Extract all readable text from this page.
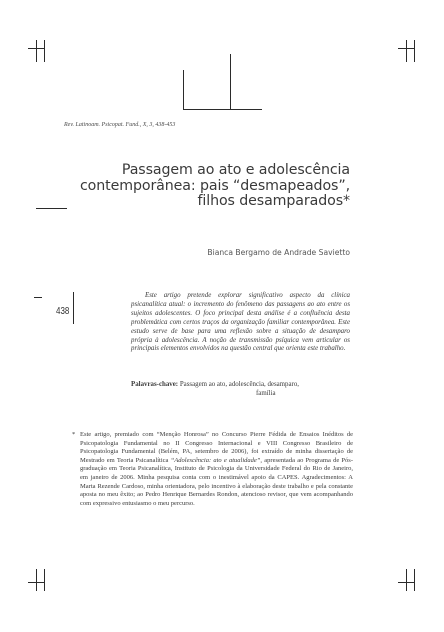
Rev. Latinoam. Psicopat. Fund., X, 3, 438-453
Passagem ao ato e adolescência
contemporânea: pais “desmapeados”,
filhos desamparados*
Bianca Bergamo de Andrade Savietto
438

Este artigo pretende explorar significativo aspecto da clínica psicanalítica atual: o incremento do fenômeno das passagens ao ato entre os sujeitos adolescentes. O foco principal desta análise é a confluência desta problemática com certos traços da organização familiar contemporânea. Este estudo serve de base para uma reflexão sobre a situação de desamparo própria à adolescência. A noção de transmissão psíquica vem articular os principais elementos envolvidos na questão central que orienta este trabalho.

Palavras-chave: Passagem ao ato, adolescência, desamparo,
família
* Este artigo, premiado com “Menção Honrosa” no Concurso Pierre Fédida de Ensaios Inéditos de Psicopatologia Fundamental no II Congresso Internacional e VIII Congresso Brasileiro de Psicopatologia Fundamental (Belém, PA, setembro de 2006), foi extraído de minha dissertação de Mestrado em Teoria Psicanalítica “Adolescência: ato e atualidade”, apresentada ao Programa de Pós-graduação em Teoria Psicanalítica, Instituto de Psicologia da Universidade Federal do Rio de Janeiro, em janeiro de 2006. Minha pesquisa conta com o inestimável apoio da CAPES. Agradecimentos: A Marta Rezende Cardoso, minha orientadora, pelo incentivo à elaboração deste trabalho e pela constante aposta no meu êxito; ao Pedro Henrique Bernardes Rondon, atencioso revisor, que vem acompanhando com expressivo entusiasmo o meu percurso.
